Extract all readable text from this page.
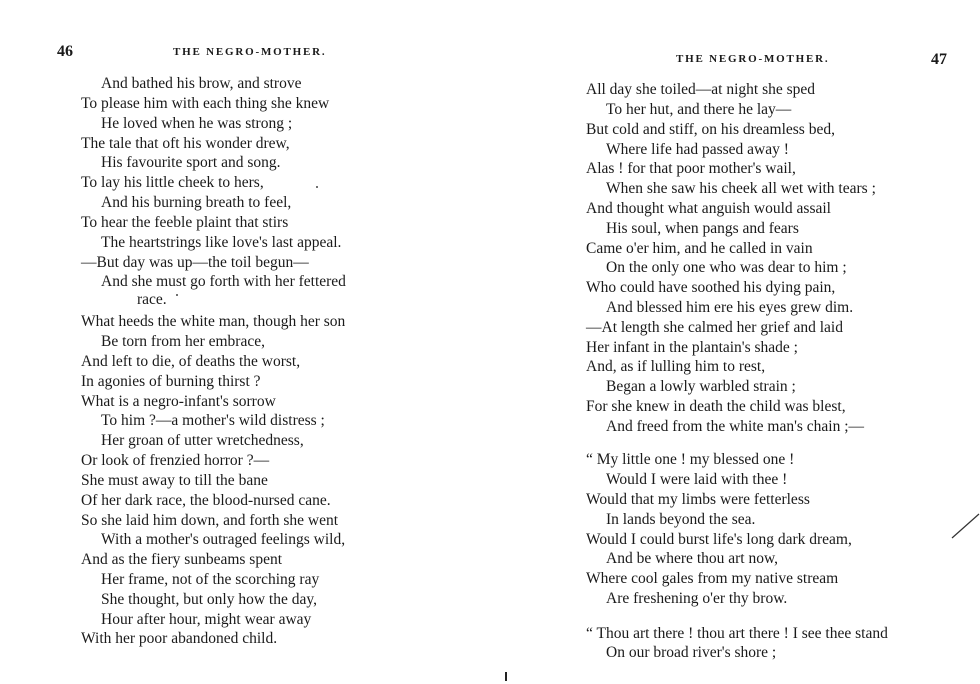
46	THE NEGRO-MOTHER.
And bathed his brow, and strove
To please him with each thing she knew
He loved when he was strong ;
The tale that oft his wonder drew,
His favourite sport and song.
To lay his little cheek to hers,
And his burning breath to feel,
To hear the feeble plaint that stirs
The heartstrings like love's last appeal.
—But day was up—the toil begun—
And she must go forth with her fettered
race.
What heeds the white man, though her son
Be torn from her embrace,
And left to die, of deaths the worst,
In agonies of burning thirst ?
What is a negro-infant's sorrow
To him ?—a mother's wild distress ;
Her groan of utter wretchedness,
Or look of frenzied horror ?—
She must away to till the bane
Of her dark race, the blood-nursed cane.
So she laid him down, and forth she went
With a mother's outraged feelings wild,
And as the fiery sunbeams spent
Her frame, not of the scorching ray
She thought, but only how the day,
Hour after hour, might wear away
With her poor abandoned child.
THE NEGRO-MOTHER.	47
All day she toiled—at night she sped
To her hut, and there he lay—
But cold and stiff, on his dreamless bed,
Where life had passed away !
Alas ! for that poor mother's wail,
When she saw his cheek all wet with tears ;
And thought what anguish would assail
His soul, when pangs and fears
Came o'er him, and he called in vain
On the only one who was dear to him ;
Who could have soothed his dying pain,
And blessed him ere his eyes grew dim.
—At length she calmed her grief and laid
Her infant in the plantain's shade ;
And, as if lulling him to rest,
Began a lowly warbled strain ;
For she knew in death the child was blest,
And freed from the white man's chain ;—
“ My little one ! my blessed one !
Would I were laid with thee !
Would that my limbs were fetterless
In lands beyond the sea.
Would I could burst life's long dark dream,
And be where thou art now,
Where cool gales from my native stream
Are freshening o'er thy brow.
“ Thou art there ! thou art there ! I see thee stand
On our broad river's shore ;
